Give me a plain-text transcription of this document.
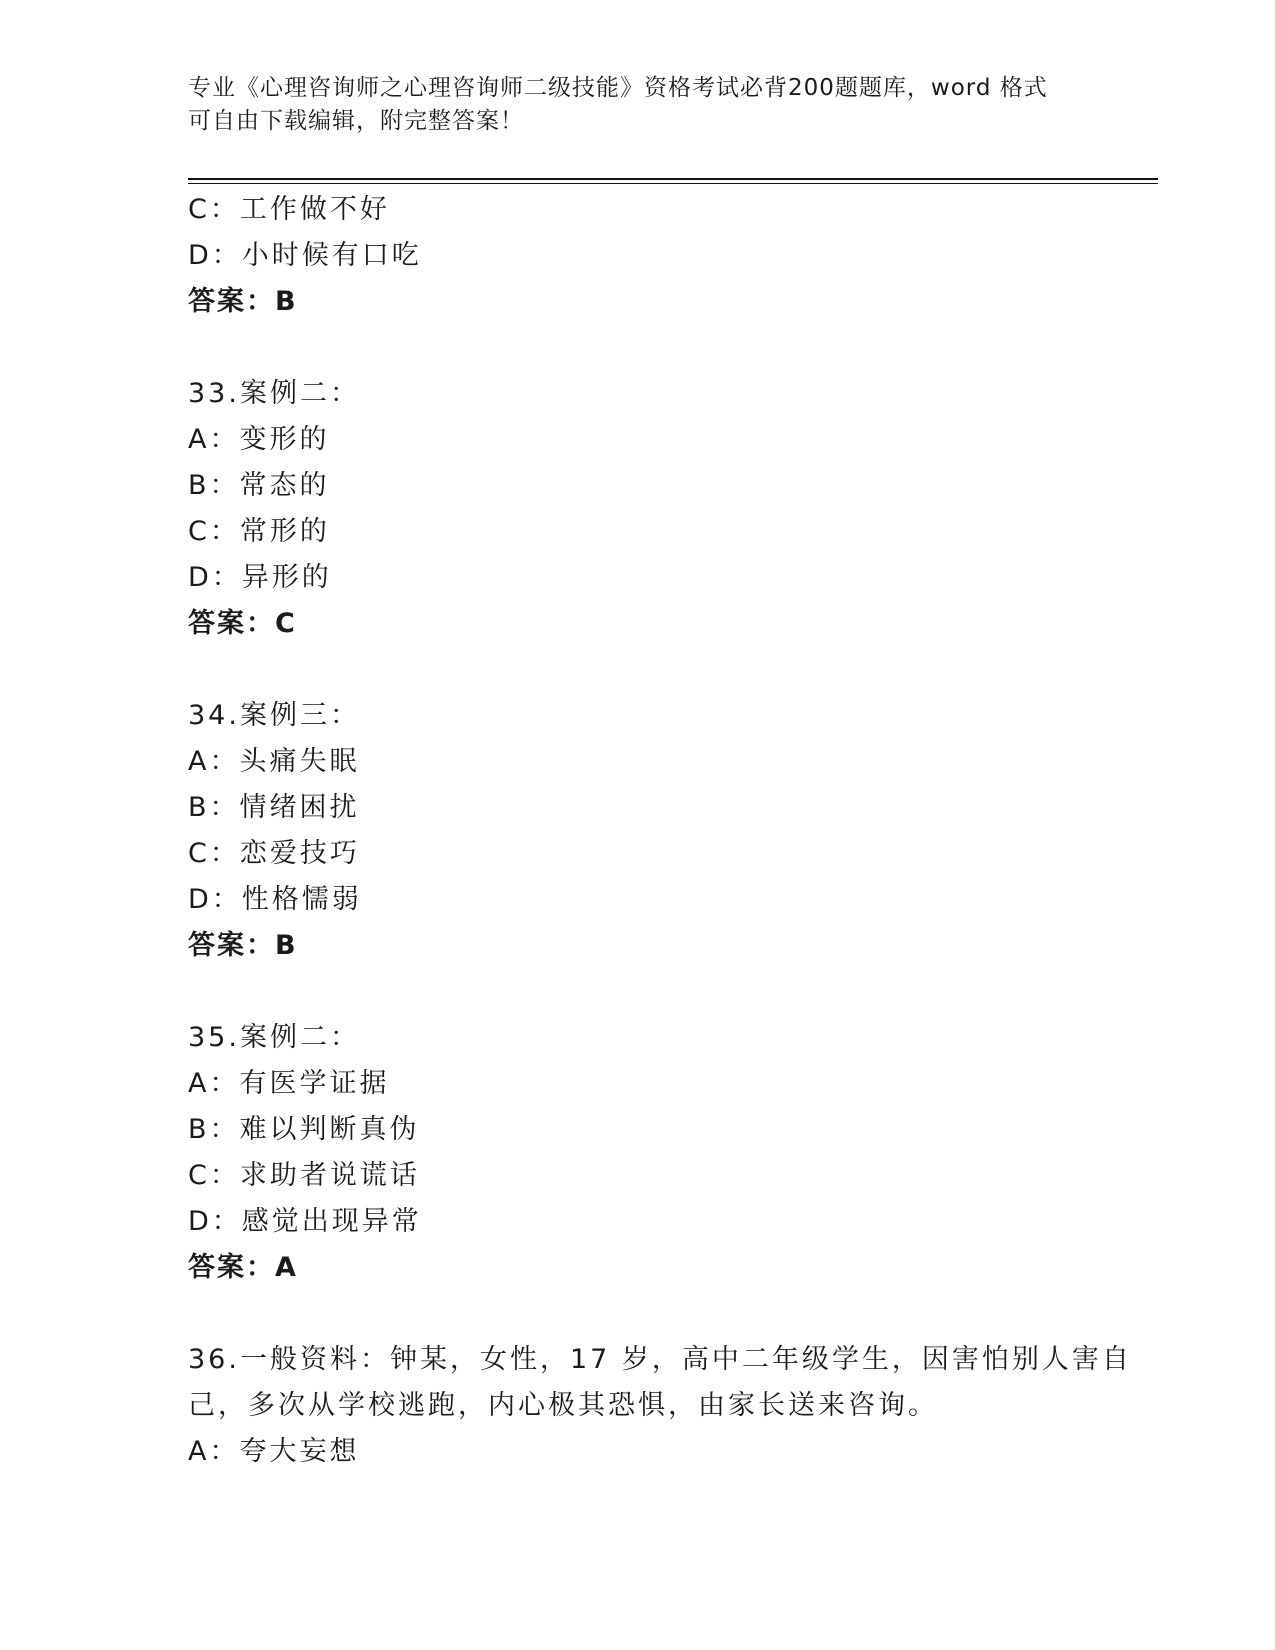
专业《心理咨询师之心理咨询师二级技能》资格考试必背200题题库，word 格式
可自由下载编辑，附完整答案！
C：工作做不好
D：小时候有口吃
答案：B
33.案例二：
A：变形的
B：常态的
C：常形的
D：异形的
答案：C
34.案例三：
A：头痛失眠
B：情绪困扰
C：恋爱技巧
D：性格懦弱
答案：B
35.案例二：
A：有医学证据
B：难以判断真伪
C：求助者说谎话
D：感觉出现异常
答案：A
36.一般资料：钟某，女性，17 岁，高中二年级学生，因害怕别人害自
己，多次从学校逃跑，内心极其恐惧，由家长送来咨询。
A：夸大妄想
